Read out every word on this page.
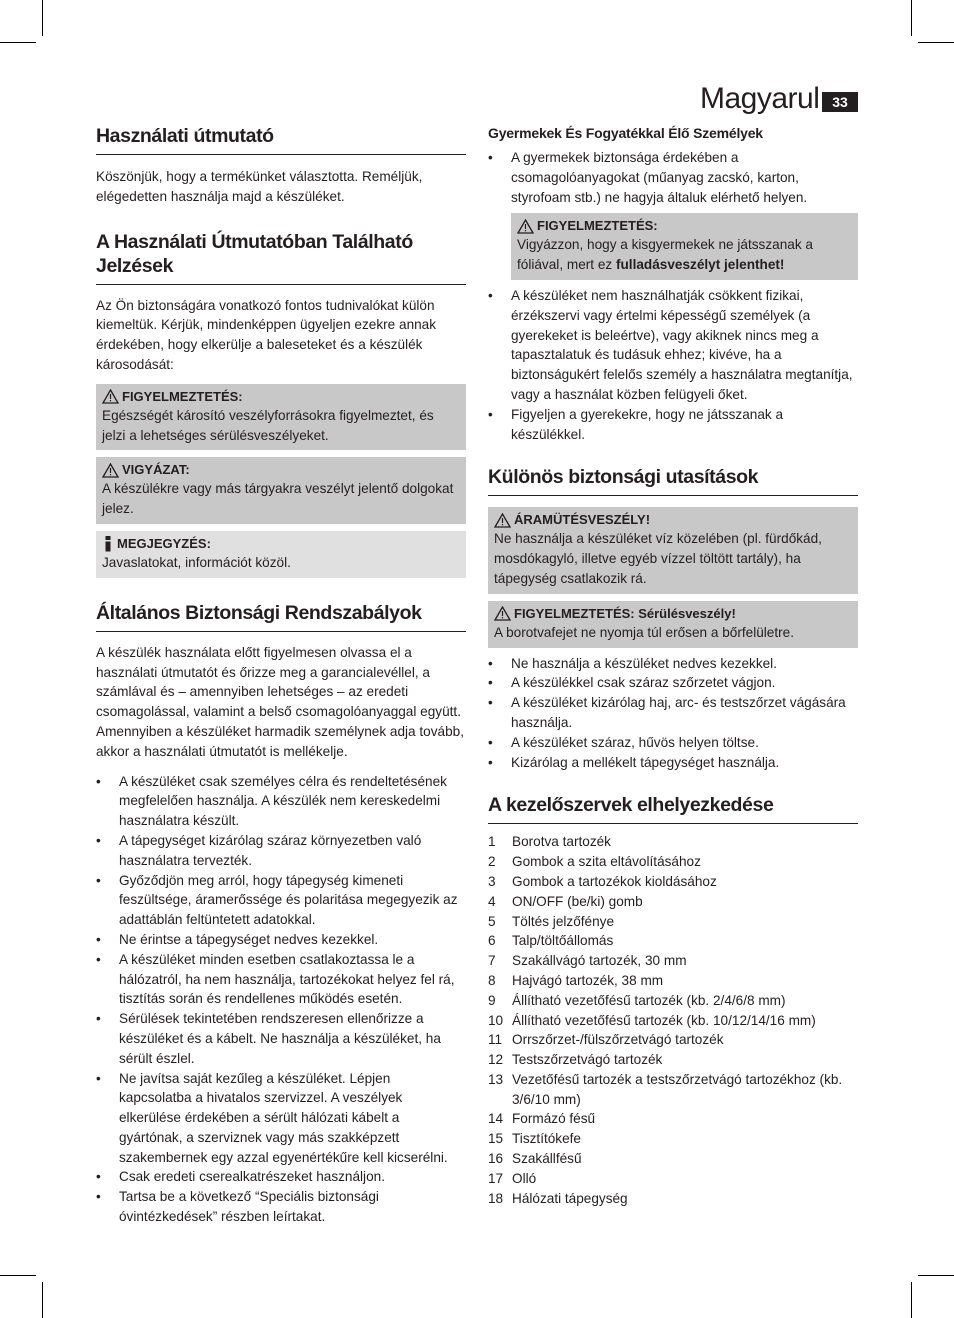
Magyarul 33
Használati útmutató

Köszönjük, hogy a termékünket választotta. Reméljük, elégedetten használja majd a készüléket.

A Használati Útmutatóban Található Jelzések

Az Ön biztonságára vonatkozó fontos tudnivalókat külön kiemeltük. Kérjük, mindenképpen ügyeljen ezekre annak érdekében, hogy elkerülje a baleseteket és a készülék károsodását:

FIGYELMEZTETÉS:

Egészségét károsító veszélyforrásokra figyelmeztet, és jelzi a lehetséges sérülésveszélyeket.

VIGYÁZAT:

A készülékre vagy más tárgyakra veszélyt jelentő dolgokat jelez.

MEGJEGYZÉS:

Javaslatokat, információt közöl.

Általános Biztonsági Rendszabályok

A készülék használata előtt figyelmesen olvassa el a használati útmutatót és őrizze meg a garancialevéllel, a számlával és – amennyiben lehetséges – az eredeti csomagolással, valamint a belső csomagolóanyaggal együtt. Amennyiben a készüléket harmadik személynek adja tovább, akkor a használati útmutatót is mellékelje.

• A készüléket csak személyes célra és rendeltetésének megfelelően használja. A készülék nem kereskedelmi használatra készült.
• A tápegységet kizárólag száraz környezetben való használatra tervezték.
• Győződjön meg arról, hogy tápegység kimeneti feszültsége, áramerőssége és polaritása megegyezik az adattáblán feltüntetett adatokkal.
• Ne érintse a tápegységet nedves kezekkel.
• A készüléket minden esetben csatlakoztassa le a hálózatról, ha nem használja, tartozékokat helyez fel rá, tisztítás során és rendellenes működés esetén.
• Sérülések tekintetében rendszeresen ellenőrizze a készüléket és a kábelt. Ne használja a készüléket, ha sérült észlel.
• Ne javítsa saját kezűleg a készüléket. Lépjen kapcsolatba a hivatalos szervizzel. A veszélyek elkerülése érdekében a sérült hálózati kábelt a gyártónak, a szerviznek vagy más szakképzett szakembernek egy azzal egyenértékűre kell kicserélni.
• Csak eredeti cserealkatrészeket használjon.
• Tartsa be a következő “Speciális biztonsági óvintézkedések” részben leírtakat.
Gyermekek És Fogyatékkal Élő Személyek
• A gyermekek biztonsága érdekében a csomagolóanyagokat (műanyag zacskó, karton, styrofoam stb.) ne hagyja általuk elérhető helyen.
FIGYELMEZTETÉS:

Vigyázzon, hogy a kisgyermekek ne játsszanak a fóliával, mert ez fulladásveszélyt jelenthet!

• A készüléket nem használhatják csökkent fizikai, érzékszervi vagy értelmi képességű személyek (a gyerekeket is beleértve), vagy akiknek nincs meg a tapasztalatuk és tudásuk ehhez; kivéve, ha a biztonságukért felelős személy a használatra megtanítja, vagy a használat közben felügyeli őket.
• Figyeljen a gyerekekre, hogy ne játsszanak a készülékkel.
Különös biztonsági utasítások
ÁRAMÜTÉSVESZÉLY!

Ne használja a készüléket víz közelében (pl. fürdőkád, mosdókagyló, illetve egyéb vízzel töltött tartály), ha tápegység csatlakozik rá.

FIGYELMEZTETÉS: Sérülésveszély!

A borotvafejet ne nyomja túl erősen a bőrfelületre.

• Ne használja a készüléket nedves kezekkel.
• A készülékkel csak száraz szőrzetet vágjon.
• A készüléket kizárólag haj, arc- és testszőrzet vágására használja.
• A készüléket száraz, hűvös helyen töltse.
• Kizárólag a mellékelt tápegységet használja.
A kezelőszervek elhelyezkedése
1 Borotva tartozék
2 Gombok a szita eltávolításához
3 Gombok a tartozékok kioldásához
4 ON/OFF (be/ki) gomb
5 Töltés jelzőfénye
6 Talp/töltőállomás
7 Szakállvágó tartozék, 30 mm
8 Hajvágó tartozék, 38 mm
9 Állítható vezetőfésű tartozék (kb. 2/4/6/8 mm)
10 Állítható vezetőfésű tartozék (kb. 10/12/14/16 mm)
11 Orrszőrzet-/fülszőrzetvágó tartozék
12 Testszőrzetvágó tartozék
13 Vezetőfésű tartozék a testszőrzetvágó tartozékhoz (kb. 3/6/10 mm)
14 Formázó fésű
15 Tisztítókefe
16 Szakállfésű
17 Olló
18 Hálózati tápegység
